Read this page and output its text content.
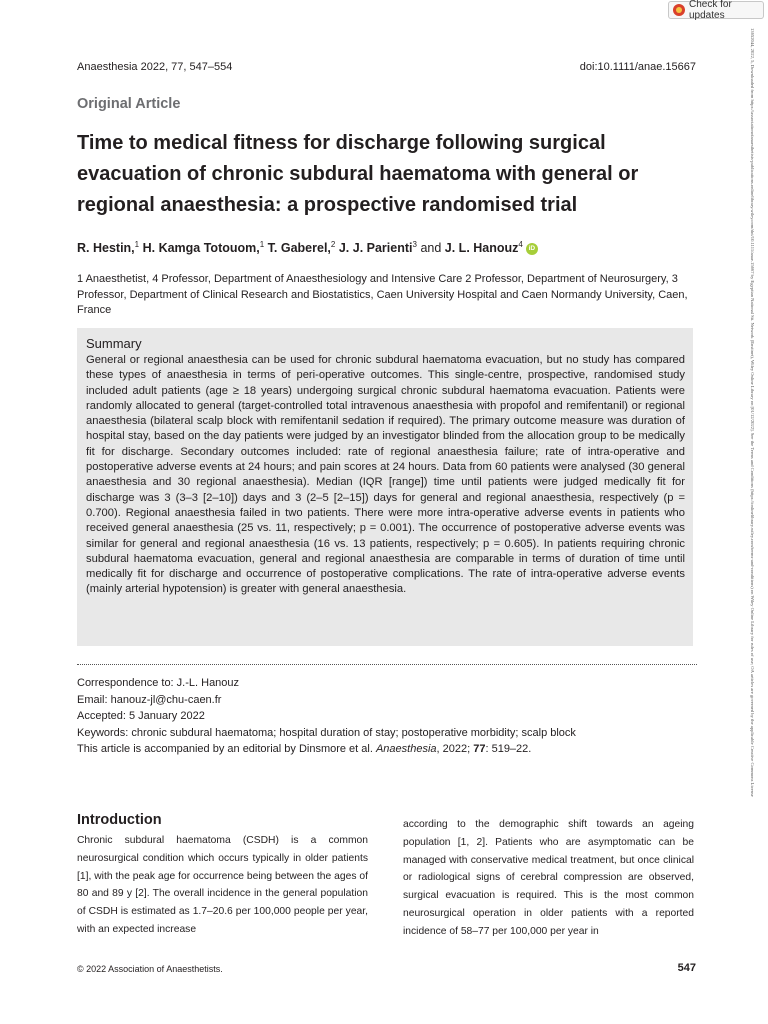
Check for updates
13652044, 2022, 5, Downloaded from https://associationofanaesthetists-publications.onlinelibrary.wiley.com/doi/10.1111/anae.15667 by Egyptian National Sti. Network (Enstinet), Wiley Online Library on [01/12/2022]. See the Terms and Conditions (https://onlinelibrary.wiley.com/terms-and-conditions) on Wiley Online Library for rules of use; OA articles are governed by the applicable Creative Commons License
Anaesthesia 2022, 77, 547–554	doi:10.1111/anae.15667
Original Article
Time to medical fitness for discharge following surgical evacuation of chronic subdural haematoma with general or regional anaesthesia: a prospective randomised trial
R. Hestin,$^1$ H. Kamga Totouom,$^1$ T. Gaberel,$^2$ J. J. Parienti$^3$ and J. L. Hanouz$^4$ iD

1 Anaesthetist, 4 Professor, Department of Anaesthesiology and Intensive Care 2 Professor, Department of Neurosurgery, 3 Professor, Department of Clinical Research and Biostatistics, Caen University Hospital and Caen Normandy University, Caen, France

Summary

General or regional anaesthesia can be used for chronic subdural haematoma evacuation, but no study has compared these types of anaesthesia in terms of peri-operative outcomes. This single-centre, prospective, randomised study included adult patients (age ≥ 18 years) undergoing surgical chronic subdural haematoma evacuation. Patients were randomly allocated to general (target-controlled total intravenous anaesthesia with propofol and remifentanil) or regional anaesthesia (bilateral scalp block with remifentanil sedation if required). The primary outcome measure was duration of hospital stay, based on the day patients were judged by an investigator blinded from the allocation group to be medically fit for discharge. Secondary outcomes included: rate of regional anaesthesia failure; rate of intra-operative and postoperative adverse events at 24 hours; and pain scores at 24 hours. Data from 60 patients were analysed (30 general anaesthesia and 30 regional anaesthesia). Median (IQR [range]) time until patients were judged medically fit for discharge was 3 (3–3 [2–10]) days and 3 (2–5 [2–15]) days for general and regional anaesthesia, respectively (p = 0.700). Regional anaesthesia failed in two patients. There were more intra-operative adverse events in patients who received general anaesthesia (25 vs. 11, respectively; p = 0.001). The occurrence of postoperative adverse events was similar for general and regional anaesthesia (16 vs. 13 patients, respectively; p = 0.605). In patients requiring chronic subdural haematoma evacuation, general and regional anaesthesia are comparable in terms of duration of time until medically fit for discharge and occurrence of postoperative complications. The rate of intra-operative adverse events (mainly arterial hypotension) is greater with general anaesthesia.

Correspondence to: J.-L. Hanouz
Email: hanouz-jl@chu-caen.fr
Accepted: 5 January 2022
Keywords: chronic subdural haematoma; hospital duration of stay; postoperative morbidity; scalp block
This article is accompanied by an editorial by Dinsmore et al. Anaesthesia, 2022; 77: 519–22.
Introduction

Chronic subdural haematoma (CSDH) is a common neurosurgical condition which occurs typically in older patients [1], with the peak age for occurrence being between the ages of 80 and 89 y [2]. The overall incidence in the general population of CSDH is estimated as 1.7–20.6 per 100,000 people per year, with an expected increase

according to the demographic shift towards an ageing population [1, 2]. Patients who are asymptomatic can be managed with conservative medical treatment, but once clinical or radiological signs of cerebral compression are observed, surgical evacuation is required. This is the most common neurosurgical operation in older patients with a reported incidence of 58–77 per 100,000 per year in

© 2022 Association of Anaesthetists.	547
